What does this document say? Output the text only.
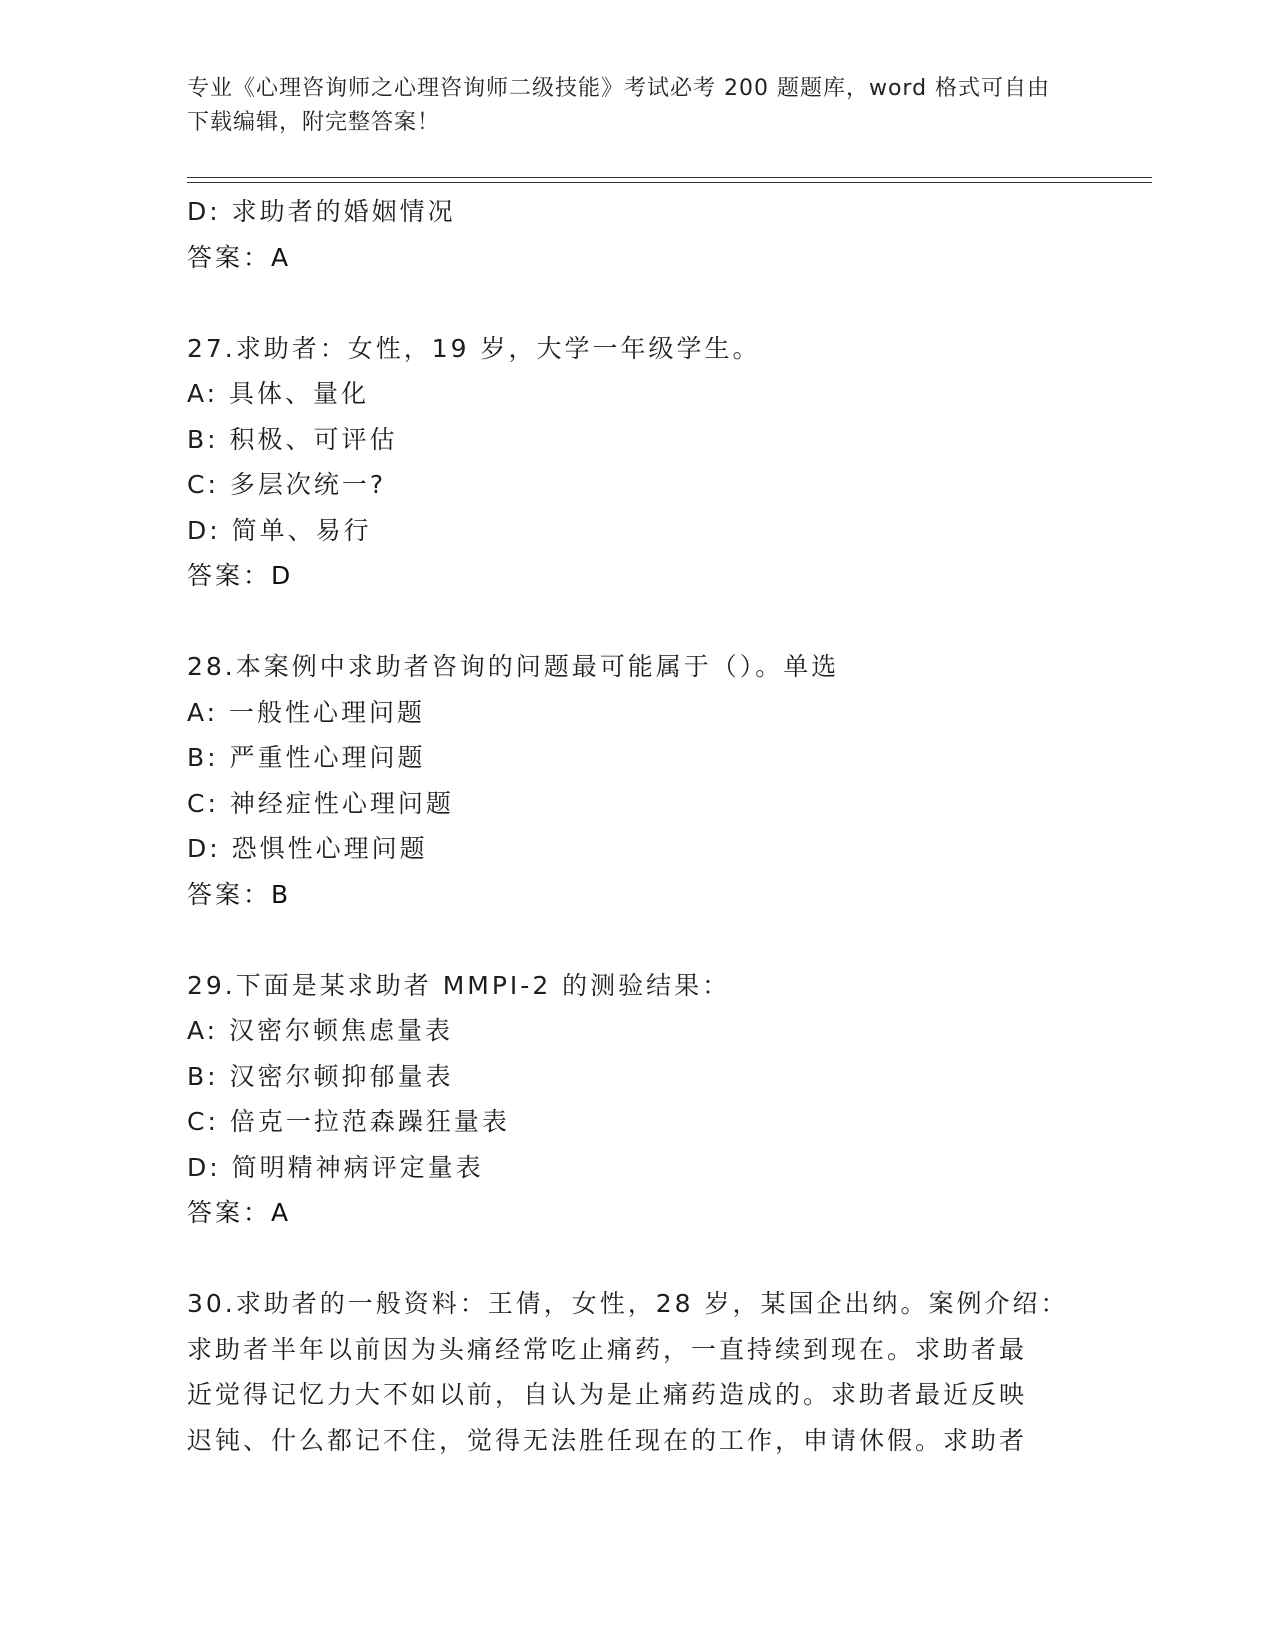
专业《心理咨询师之心理咨询师二级技能》考试必考 200 题题库，word 格式可自由下载编辑，附完整答案！
D: 求助者的婚姻情况
答案：A
27.求助者：女性，19 岁，大学一年级学生。
A: 具体、量化
B: 积极、可评估
C: 多层次统一?
D: 简单、易行
答案：D
28.本案例中求助者咨询的问题最可能属于（）。单选
A: 一般性心理问题
B: 严重性心理问题
C: 神经症性心理问题
D: 恐惧性心理问题
答案：B
29.下面是某求助者 MMPI-2 的测验结果：
A: 汉密尔顿焦虑量表
B: 汉密尔顿抑郁量表
C: 倍克一拉范森躁狂量表
D: 简明精神病评定量表
答案：A
30.求助者的一般资料：王倩，女性，28 岁，某国企出纳。案例介绍：
求助者半年以前因为头痛经常吃止痛药，一直持续到现在。求助者最
近觉得记忆力大不如以前，自认为是止痛药造成的。求助者最近反映
迟钝、什么都记不住，觉得无法胜任现在的工作，申请休假。求助者
